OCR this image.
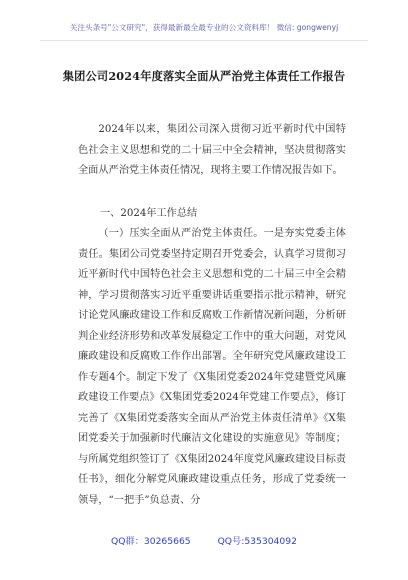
关注头条号"公文研究"，获得最新最全最专业的公文资料库！ 微信: gongwenyj
集团公司2024年度落实全面从严治党主体责任工作报告

2024年以来，集团公司深入贯彻习近平新时代中国特色社会主义思想和党的二十届三中全会精神，坚决贯彻落实全面从严治党主体责任情况，现将主要工作情况报告如下。

一、2024年工作总结

（一）压实全面从严治党主体责任。一是夯实党委主体责任。集团公司党委坚持定期召开党委会，认真学习贯彻习近平新时代中国特色社会主义思想和党的二十届三中全会精神，学习贯彻落实习近平重要讲话重要指示批示精神，研究讨论党风廉政建设工作和反腐败工作新情况新问题，分析研判企业经济形势和改革发展稳定工作中的重大问题，对党风廉政建设和反腐败工作作出部署。全年研究党风廉政建设工作专题4个。制定下发了《X集团党委2024年党建暨党风廉政建设工作要点》《X集团党委2024年党建工作要点》，修订完善了《X集团党委落实全面从严治党主体责任清单》《X集团党委关于加强新时代廉洁文化建设的实施意见》等制度；与所属党组织签订了《X集团2024年度党风廉政建设目标责任书》，细化分解党风廉政建设重点任务，形成了党委统一领导，“一把手”负总责、分

QQ群：30265665	QQ号:535304092
